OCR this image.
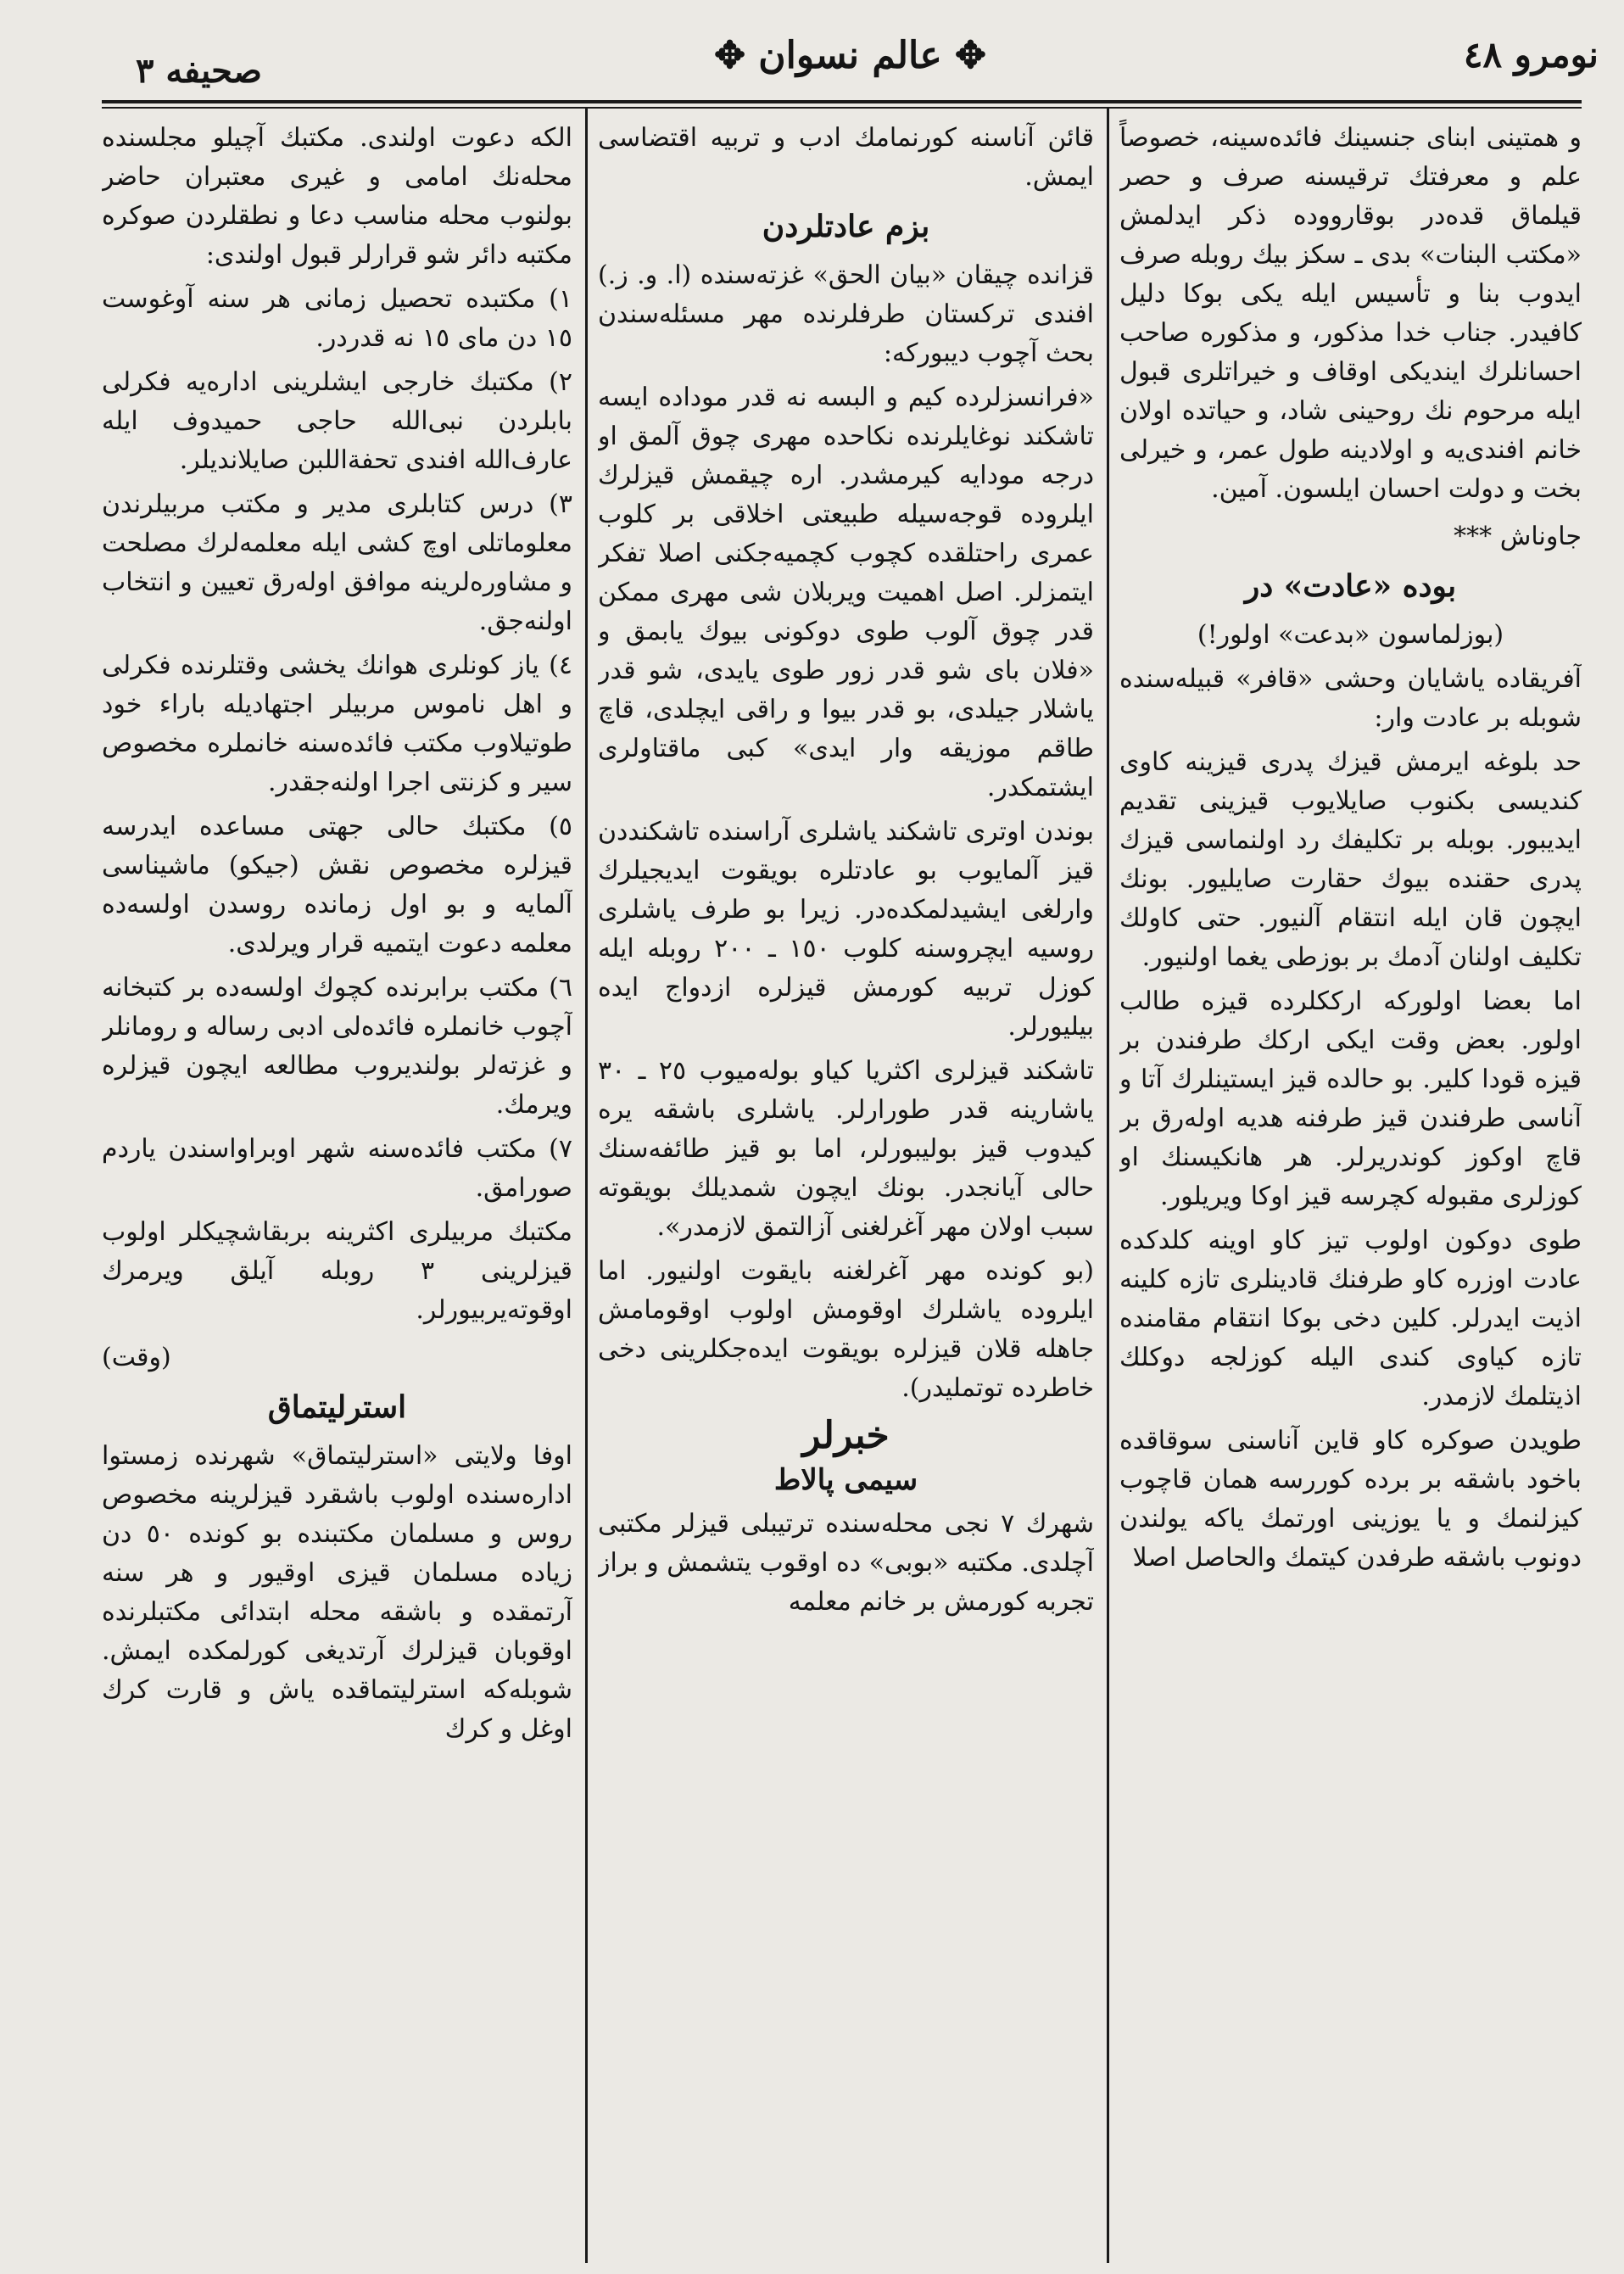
نومرو ٤٨
✥ عالم نسوان ✥
صحیفه ٣

و همتینی ابنای جنسینك فائده‌سینه، خصوصاً علم و معرفتك ترقیسنه صرف و حصر قیلماق قده‌در بوقارووده ذکر ایدلمش «مکتب البنات» بدی ـ سکز بیك روبله صرف ایدوب بنا و تأسیس ایله یکی بوکا دلیل کافیدر. جناب خدا مذکور، و مذکوره صاحب احسانلرك ایندیکی اوقاف و خیراتلری قبول ایله مرحوم نك روحینی شاد، و حیاتده اولان خانم افندی‌یه و اولادینه طول عمر، و خیرلی بخت و دولت احسان ایلسون. آمین.

جاوناش ***

بوده «عادت» در

(بوزلماسون «بدعت» اولور!)

آفریقاده یاشایان وحشی «قافر» قبیله‌سنده شوبله بر عادت وار:

حد بلوغه ایرمش قیزك پدری قیزینه کاوی کندیسی بکنوب صایلایوب قیزینی تقدیم ایدیبور. بوبله بر تکلیفك رد اولنماسی قیزك پدری حقنده بیوك حقارت صایلیور. بونك ایچون قان ایله انتقام آلنیور. حتی کاولك تکلیف اولنان آدمك بر بوزطی یغما اولنیور.

اما بعضا اولورکه ارککلرده قیزه طالب اولور. بعض وقت ایکی ارکك طرفندن بر قیزه قودا کلیر. بو حالده قیز ایستینلرك آتا و آناسی طرفندن قیز طرفنه هدیه اوله‌رق بر قاچ اوکوز کوندریرلر. هر هانکیسنك او کوزلری مقبوله کچرسه قیز اوکا ویریلور.

طوی دوکون اولوب تیز کاو اوینه کلدکده عادت اوزره کاو طرفنك قادینلری تازه کلینه اذیت ایدرلر. کلین دخی بوکا انتقام مقامنده تازه کیاوی کندی الیله کوزلجه دوکلك اذیتلمك لازمدر.

طویدن صوکره کاو قاین آناسنی سوقاقده باخود باشقه بر برده کوررسه همان قاچوب کیزلنمك و یا یوزینی اورتمك یاکه یولندن دونوب باشقه طرفدن کیتمك والحاصل اصلا

قائن آناسنه کورنمامك ادب و تربیه اقتضاسی ایمش.

بزم عادتلردن

قزانده چیقان «بیان الحق» غزته‌سنده (ا. و. ز.) افندی ترکستان طرفلرنده مهر مسئله‌سندن بحث آچوب دیبورکه:

«فرانسزلرده کیم و البسه نه قدر موداده ایسه تاشکند نوغایلرنده نکاحده مهری چوق آلمق او درجه مودایه کیرمشدر. اره چیقمش قیزلرك ایلروده قوجه‌سیله طبیعتی اخلاقی بر کلوب عمری راحتلقده کچوب کچمیه‌جکنی اصلا تفکر ایتمزلر. اصل اهمیت ویربلان شی مهری ممکن قدر چوق آلوب طوی دوکونی بیوك یابمق و «فلان بای شو قدر زور طوی یایدی، شو قدر یاشلار جیلدی، بو قدر بیوا و راقی ایچلدی، قاچ طاقم موزیقه وار ایدی» کبی ماقتاولری ایشتمکدر.

بوندن اوتری تاشکند یاشلری آراسنده تاشکنددن قیز آلمایوب بو عادتلره بویقوت ایدیجیلرك وارلغی ایشیدلمکده‌در. زیرا بو طرف یاشلری روسیه ایچروسنه کلوب ١٥٠ ـ ٢٠٠ روبله ایله کوزل تربیه کورمش قیزلره ازدواج ایده بیلیورلر.

تاشکند قیزلری اکثریا کیاو بوله‌میوب ٢٥ ـ ٣٠ یاشارینه قدر طورارلر. یاشلری باشقه یره کیدوب قیز بولیبورلر، اما بو قیز طائفه‌سنك حالی آیانجدر. بونك ایچون شمدیلك بویقوته سبب اولان مهر آغرلغنی آزالتمق لازمدر».

(بو کونده مهر آغرلغنه بایقوت اولنیور. اما ایلروده یاشلرك اوقومش اولوب اوقومامش جاهله قلان قیزلره بویقوت ایده‌جکلرینی دخی خاطرده توتملیدر).

خبرلر

سیمی پالاط

شهرك ٧ نجی محله‌سنده ترتیبلی قیزلر مکتبی آچلدی. مکتبه «بوبی» ده اوقوب یتشمش و براز تجربه کورمش بر خانم معلمه

الکه دعوت اولندی. مکتبك آچیلو مجلسنده محله‌نك امامی و غیری معتبران حاضر بولنوب محله مناسب دعا و نطقلردن صوکره مکتبه دائر شو قرارلر قبول اولندی:

١) مکتبده تحصیل زمانی هر سنه آوغوست ١٥ دن مای ١٥ نه قدردر.

٢) مکتبك خارجی ایشلرینی اداره‌یه فکرلی بابلردن نبی‌الله حاجی حمیدوف ایله عارف‌الله افندی تحفةاللبن صایلاندیلر.

٣) درس کتابلری مدیر و مکتب مربیلرندن معلوماتلی اوچ کشی ایله معلمه‌لرك مصلحت و مشاورەلرینه موافق اوله‌رق تعیین و انتخاب اولنه‌جق.

٤) یاز کونلری هوانك یخشی وقتلرنده فکرلی و اهل ناموس مربیلر اجتهادیله باراء خود طوتیلاوب مکتب فائده‌سنه خانملره مخصوص سیر و کزنتی اجرا اولنه‌جقدر.

٥) مکتبك حالی جهتی مساعده ایدرسه قیزلره مخصوص نقش (جیکو) ماشیناسی آلمایه و بو اول زمانده روسدن اولسه‌ده معلمه دعوت ایتمیه قرار ویرلدی.

٦) مکتب برابرنده کچوك اولسه‌ده بر کتبخانه آچوب خانملره فائده‌لی ادبی رساله و رومانلر و غزته‌لر بولندیروب مطالعه ایچون قیزلره ویرمك.

٧) مکتب فائده‌سنه شهر اوبراواسندن یاردم صورامق.

مکتبك مربیلری اکثرینه بربقاشچیکلر اولوب قیزلرینی ٣ روبله آیلق ویرمرك اوقوته‌یربیورلر.

(وقت)

استرلیتماق

اوفا ولایتی «استرلیتماق» شهرنده زمستوا اداره‌سنده اولوب باشقرد قیزلرینه مخصوص روس و مسلمان مکتبنده بو کونده ٥٠ دن زیاده مسلمان قیزی اوقیور و هر سنه آرتمقده و باشقه محله ابتدائی مکتبلرنده اوقوبان قیزلرك آرتدیغی کورلمکده ایمش. شوبله‌که استرلیتماقده یاش و قارت کرك اوغل و کرك
